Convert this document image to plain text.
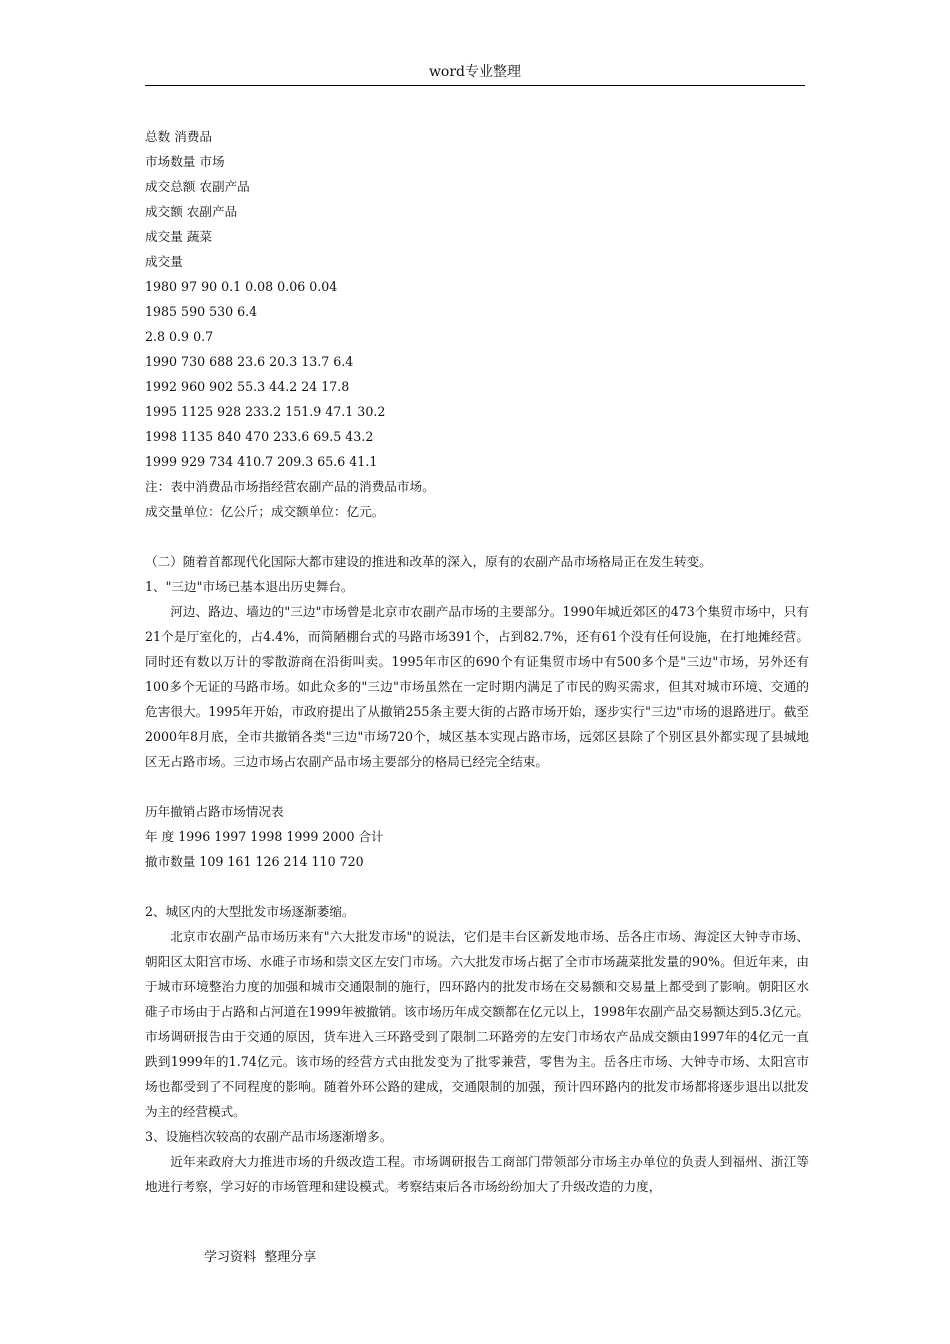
word专业整理
总数 消费品
市场数量 市场
成交总额 农副产品
成交额 农副产品
成交量 蔬菜
成交量
1980 97 90 0.1 0.08 0.06 0.04
1985 590 530 6.4
2.8 0.9 0.7
1990 730 688 23.6 20.3 13.7 6.4
1992 960 902 55.3 44.2 24 17.8
1995 1125 928 233.2 151.9 47.1 30.2
1998 1135 840 470 233.6 69.5 43.2
1999 929 734 410.7 209.3 65.6 41.1
注：表中消费品市场指经营农副产品的消费品市场。
成交量单位：亿公斤；成交额单位：亿元。
（二）随着首都现代化国际大都市建设的推进和改革的深入，原有的农副产品市场格局正在发生转变。
1、"三边"市场已基本退出历史舞台。

河边、路边、墙边的"三边"市场曾是北京市农副产品市场的主要部分。1990年城近郊区的473个集贸市场中，只有21个是厅室化的，占4.4%，而简陋棚台式的马路市场391个，占到82.7%，还有61个没有任何设施，在打地摊经营。同时还有数以万计的零散游商在沿街叫卖。1995年市区的690个有证集贸市场中有500多个是"三边"市场，另外还有100多个无证的马路市场。如此众多的"三边"市场虽然在一定时期内满足了市民的购买需求，但其对城市环境、交通的危害很大。1995年开始，市政府提出了从撤销255条主要大街的占路市场开始，逐步实行"三边"市场的退路进厅。截至2000年8月底，全市共撤销各类"三边"市场720个，城区基本实现占路市场，远郊区县除了个别区县外都实现了县城地区无占路市场。三边市场占农副产品市场主要部分的格局已经完全结束。

历年撤销占路市场情况表
年 度 1996 1997 1998 1999 2000 合计
撤市数量 109 161 126 214 110 720
2、城区内的大型批发市场逐渐萎缩。

北京市农副产品市场历来有"六大批发市场"的说法，它们是丰台区新发地市场、岳各庄市场、海淀区大钟寺市场、朝阳区太阳宫市场、水碓子市场和崇文区左安门市场。六大批发市场占据了全市市场蔬菜批发量的90%。但近年来，由于城市环境整治力度的加强和城市交通限制的施行，四环路内的批发市场在交易额和交易量上都受到了影响。朝阳区水碓子市场由于占路和占河道在1999年被撤销。该市场历年成交额都在亿元以上，1998年农副产品交易额达到5.3亿元。市场调研报告由于交通的原因，货车进入三环路受到了限制二环路旁的左安门市场农产品成交额由1997年的4亿元一直跌到1999年的1.74亿元。该市场的经营方式由批发变为了批零兼营，零售为主。岳各庄市场、大钟寺市场、太阳宫市场也都受到了不同程度的影响。随着外环公路的建成，交通限制的加强，预计四环路内的批发市场都将逐步退出以批发为主的经营模式。

3、设施档次较高的农副产品市场逐渐增多。

近年来政府大力推进市场的升级改造工程。市场调研报告工商部门带领部分市场主办单位的负责人到福州、浙江等地进行考察，学习好的市场管理和建设模式。考察结束后各市场纷纷加大了升级改造的力度，

学习资料  整理分享
